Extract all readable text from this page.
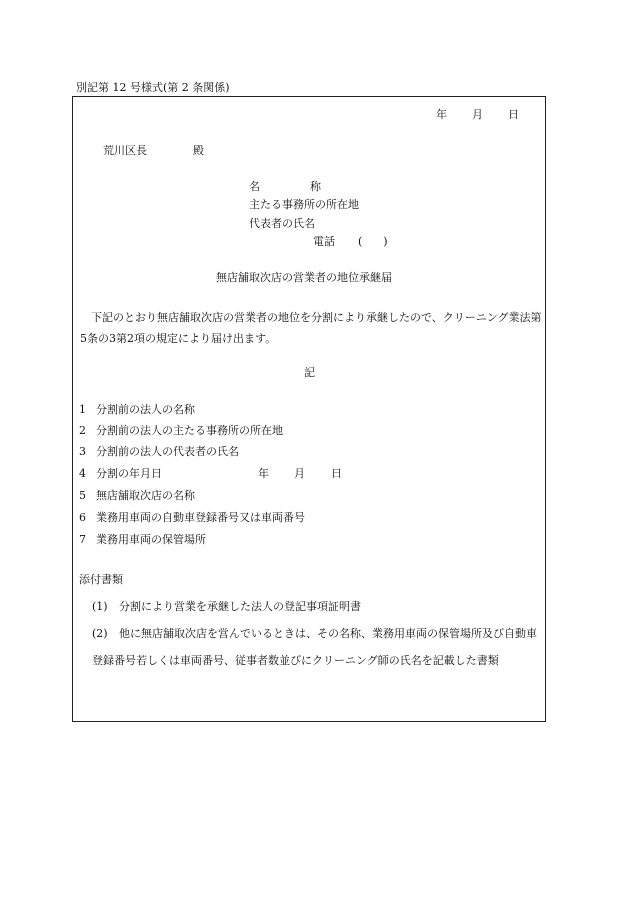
別記第 12 号様式(第 2 条関係)
年 月 日
荒川区長	殿
名	称
主たる事務所の所在地
代表者の氏名
電話 (      )
無店舗取次店の営業者の地位承継届
下記のとおり無店舗取次店の営業者の地位を分割により承継したので、クリーニング業法第5条の3第2項の規定により届け出ます。
記
1 分割前の法人の名称
2 分割前の法人の主たる事務所の所在地
3 分割前の法人の代表者の氏名
4 分割の年月日	年 月 日
5 無店舗取次店の名称
6 業務用車両の自動車登録番号又は車両番号
7 業務用車両の保管場所
添付書類
(1) 分割により営業を承継した法人の登記事項証明書
(2)	他に無店舗取次店を営んでいるときは、その名称、業務用車両の保管場所及び自動車登録番号若しくは車両番号、従事者数並びにクリーニング師の氏名を記載した書類
